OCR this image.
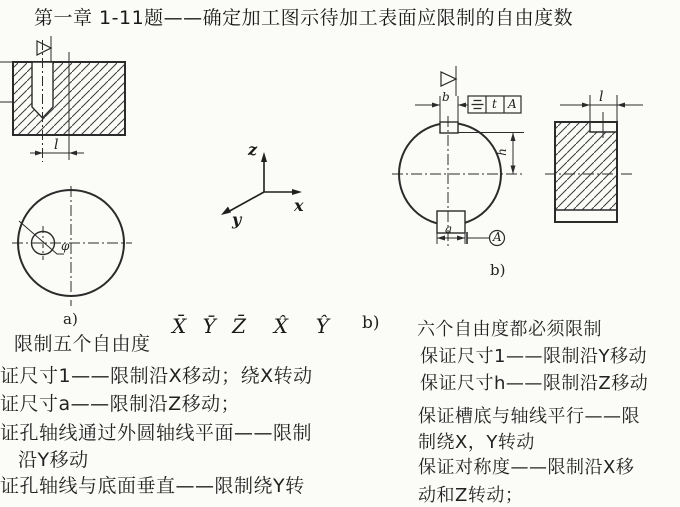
第一章 1-11题——确定加工图示待加工表面应限制的自由度数
l
φ
z
x
y
b	t A
h
a
A
l
a)
b)
限制五个自由度
X̄ Ȳ Z̄  X̂  Ŷ
证尺寸1——限制沿X移动；绕X转动
证尺寸a——限制沿Z移动；
证孔轴线通过外圆轴线平面——限制
沿Y移动
证孔轴线与底面垂直——限制绕Y转
b) 六个自由度都必须限制
保证尺寸1——限制沿Y移动
保证尺寸h——限制沿Z移动
保证槽底与轴线平行——限
制绕X，Y转动
保证对称度——限制沿X移
动和Z转动；
